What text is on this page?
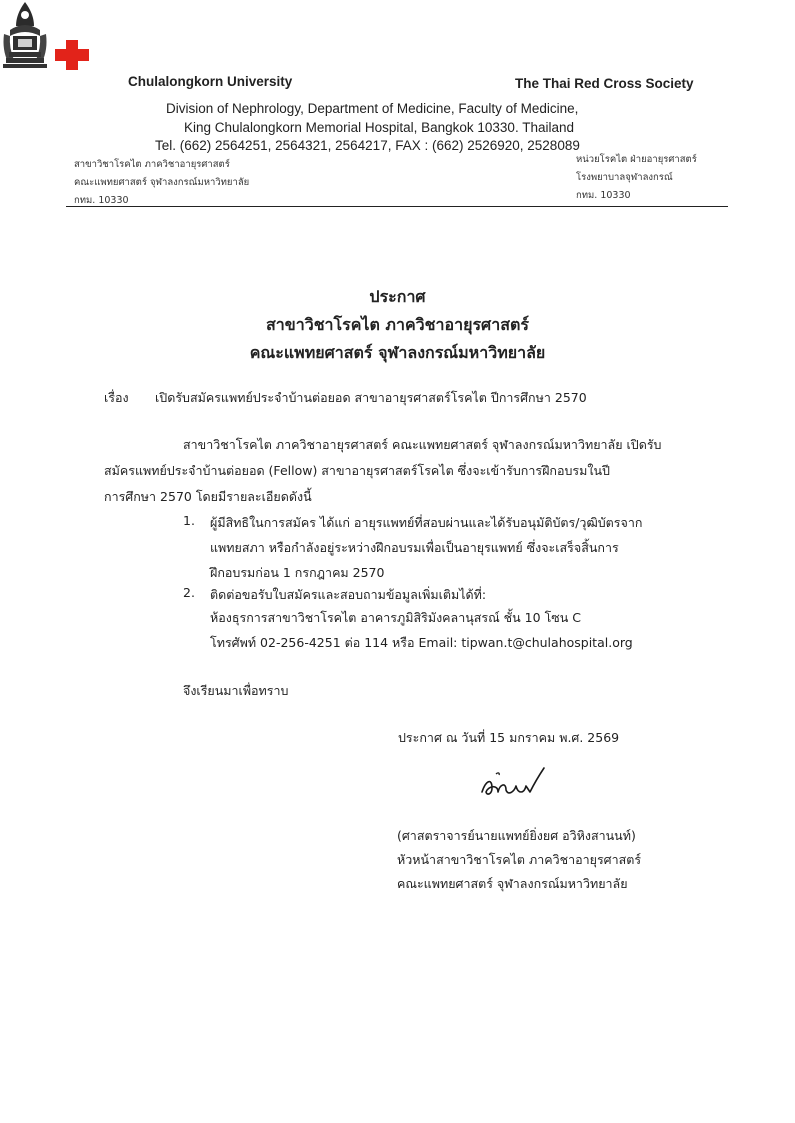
Chulalongkorn University	The Thai Red Cross Society
Division of Nephrology, Department of Medicine, Faculty of Medicine,
King Chulalongkorn Memorial Hospital, Bangkok 10330. Thailand
Tel. (662) 2564251, 2564321, 2564217, FAX : (662) 2526920, 2528089
สาขาวิชาโรคไต ภาควิชาอายุรศาสตร์
คณะแพทยศาสตร์ จุฬาลงกรณ์มหาวิทยาลัย
กทม. 10330
หน่วยโรคไต ฝ่ายอายุรศาสตร์
โรงพยาบาลจุฬาลงกรณ์
กทม. 10330
ประกาศ
สาขาวิชาโรคไต ภาควิชาอายุรศาสตร์
คณะแพทยศาสตร์ จุฬาลงกรณ์มหาวิทยาลัย
เรื่อง เปิดรับสมัครแพทย์ประจำบ้านต่อยอด สาขาอายุรศาสตร์โรคไต ปีการศึกษา 2570
สาขาวิชาโรคไต ภาควิชาอายุรศาสตร์ คณะแพทยศาสตร์ จุฬาลงกรณ์มหาวิทยาลัย เปิดรับ
สมัครแพทย์ประจำบ้านต่อยอด (Fellow) สาขาอายุรศาสตร์โรคไต ซึ่งจะเข้ารับการฝึกอบรมในปี
การศึกษา 2570 โดยมีรายละเอียดดังนี้
1. ผู้มีสิทธิในการสมัคร ได้แก่ อายุรแพทย์ที่สอบผ่านและได้รับอนุมัติบัตร/วุฒิบัตรจาก
แพทยสภา หรือกำลังอยู่ระหว่างฝึกอบรมเพื่อเป็นอายุรแพทย์ ซึ่งจะเสร็จสิ้นการ
ฝึกอบรมก่อน 1 กรกฎาคม 2570
2. ติดต่อขอรับใบสมัครและสอบถามข้อมูลเพิ่มเติมได้ที่:
ห้องธุรการสาขาวิชาโรคไต อาคารภูมิสิริมังคลานุสรณ์ ชั้น 10 โซน C
โทรศัพท์ 02-256-4251 ต่อ 114 หรือ Email: tipwan.t@chulahospital.org
จึงเรียนมาเพื่อทราบ
ประกาศ ณ วันที่ 15 มกราคม พ.ศ. 2569
(ศาสตราจารย์นายแพทย์ยิ่งยศ อวิหิงสานนท์)
หัวหน้าสาขาวิชาโรคไต ภาควิชาอายุรศาสตร์
คณะแพทยศาสตร์ จุฬาลงกรณ์มหาวิทยาลัย
